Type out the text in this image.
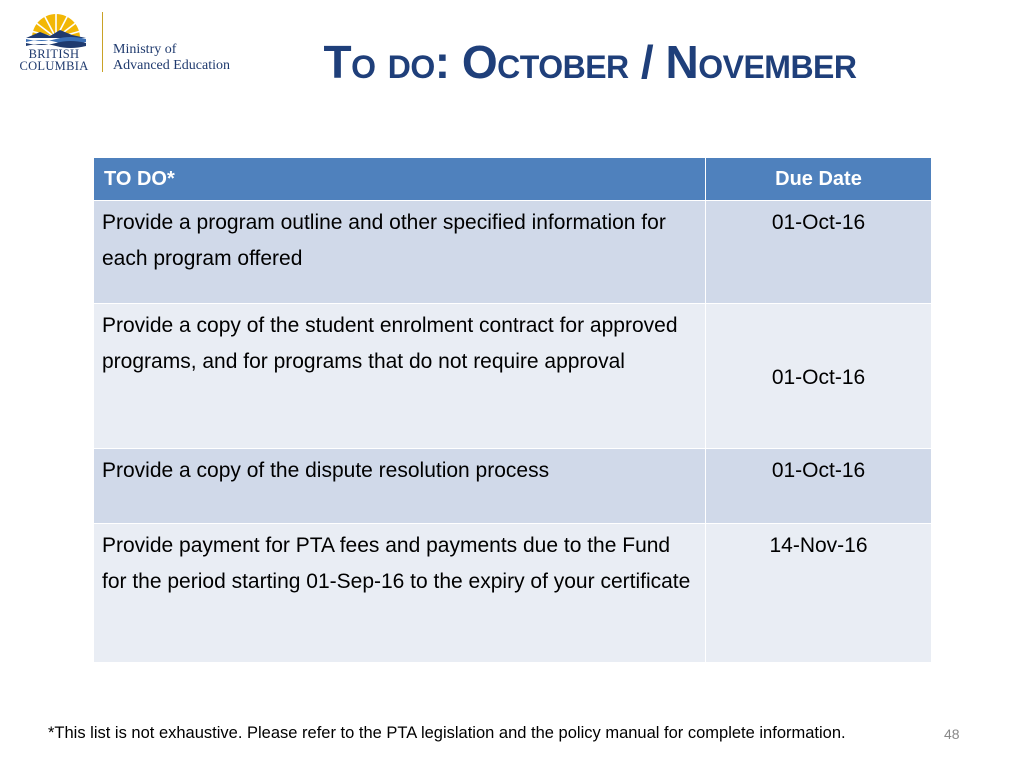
BRITISH
COLUMBIA
Ministry of
Advanced Education	To do: October / November
TO DO*	Due Date
Provide a program outline and other specified information for each program offered	01-Oct-16
Provide a copy of the student enrolment contract for approved programs, and for programs that do not require approval	01-Oct-16
Provide a copy of the dispute resolution process	01-Oct-16
Provide payment for PTA fees and payments due to the Fund for the period starting 01-Sep-16 to the expiry of your certificate	14-Nov-16
*This list is not exhaustive. Please refer to the PTA legislation and the policy manual for complete information.	48
